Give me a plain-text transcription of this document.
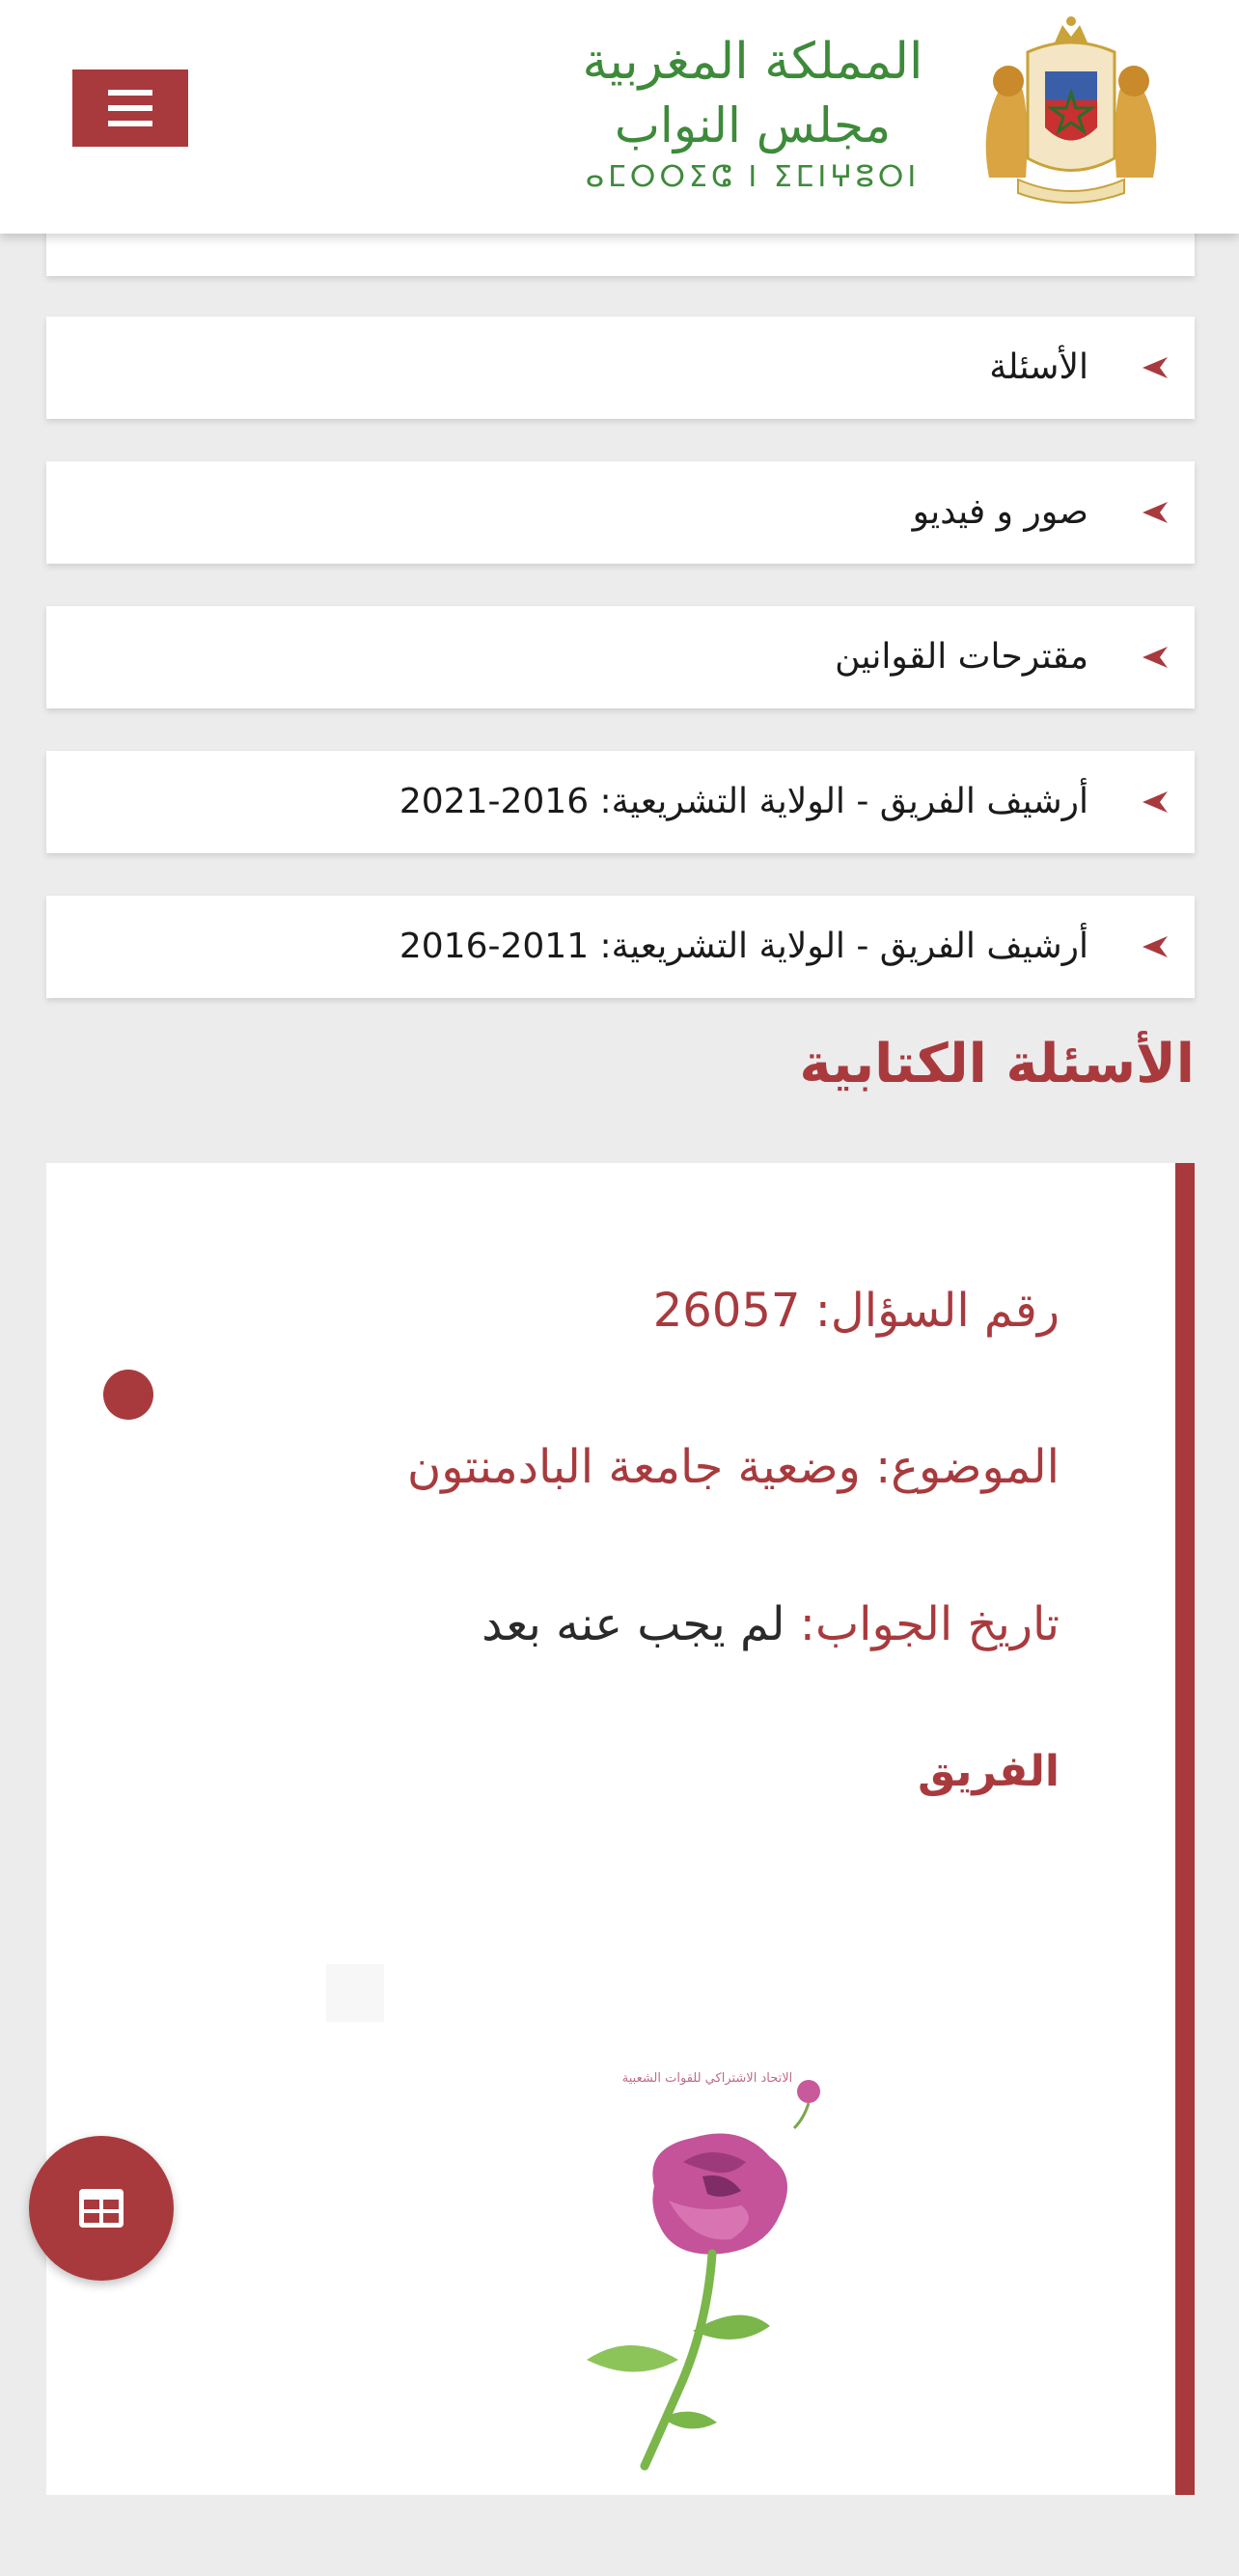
المملكة المغربية
مجلس النواب
ⴰⵎⵔⵔⵉⵛ ⵏ ⵉⵎⵏⵖⵓⵔⵏ
الأسئلة
صور و فيديو
مقترحات القوانين
أرشيف الفريق - الولاية التشريعية: 2016-2021
أرشيف الفريق - الولاية التشريعية: 2011-2016
الأسئلة الكتابية
رقم السؤال: 26057
الموضوع: وضعية جامعة البادمنتون
تاريخ الجواب: لم يجب عنه بعد
الفريق
الاتحاد الاشتراكي للقوات الشعبية
